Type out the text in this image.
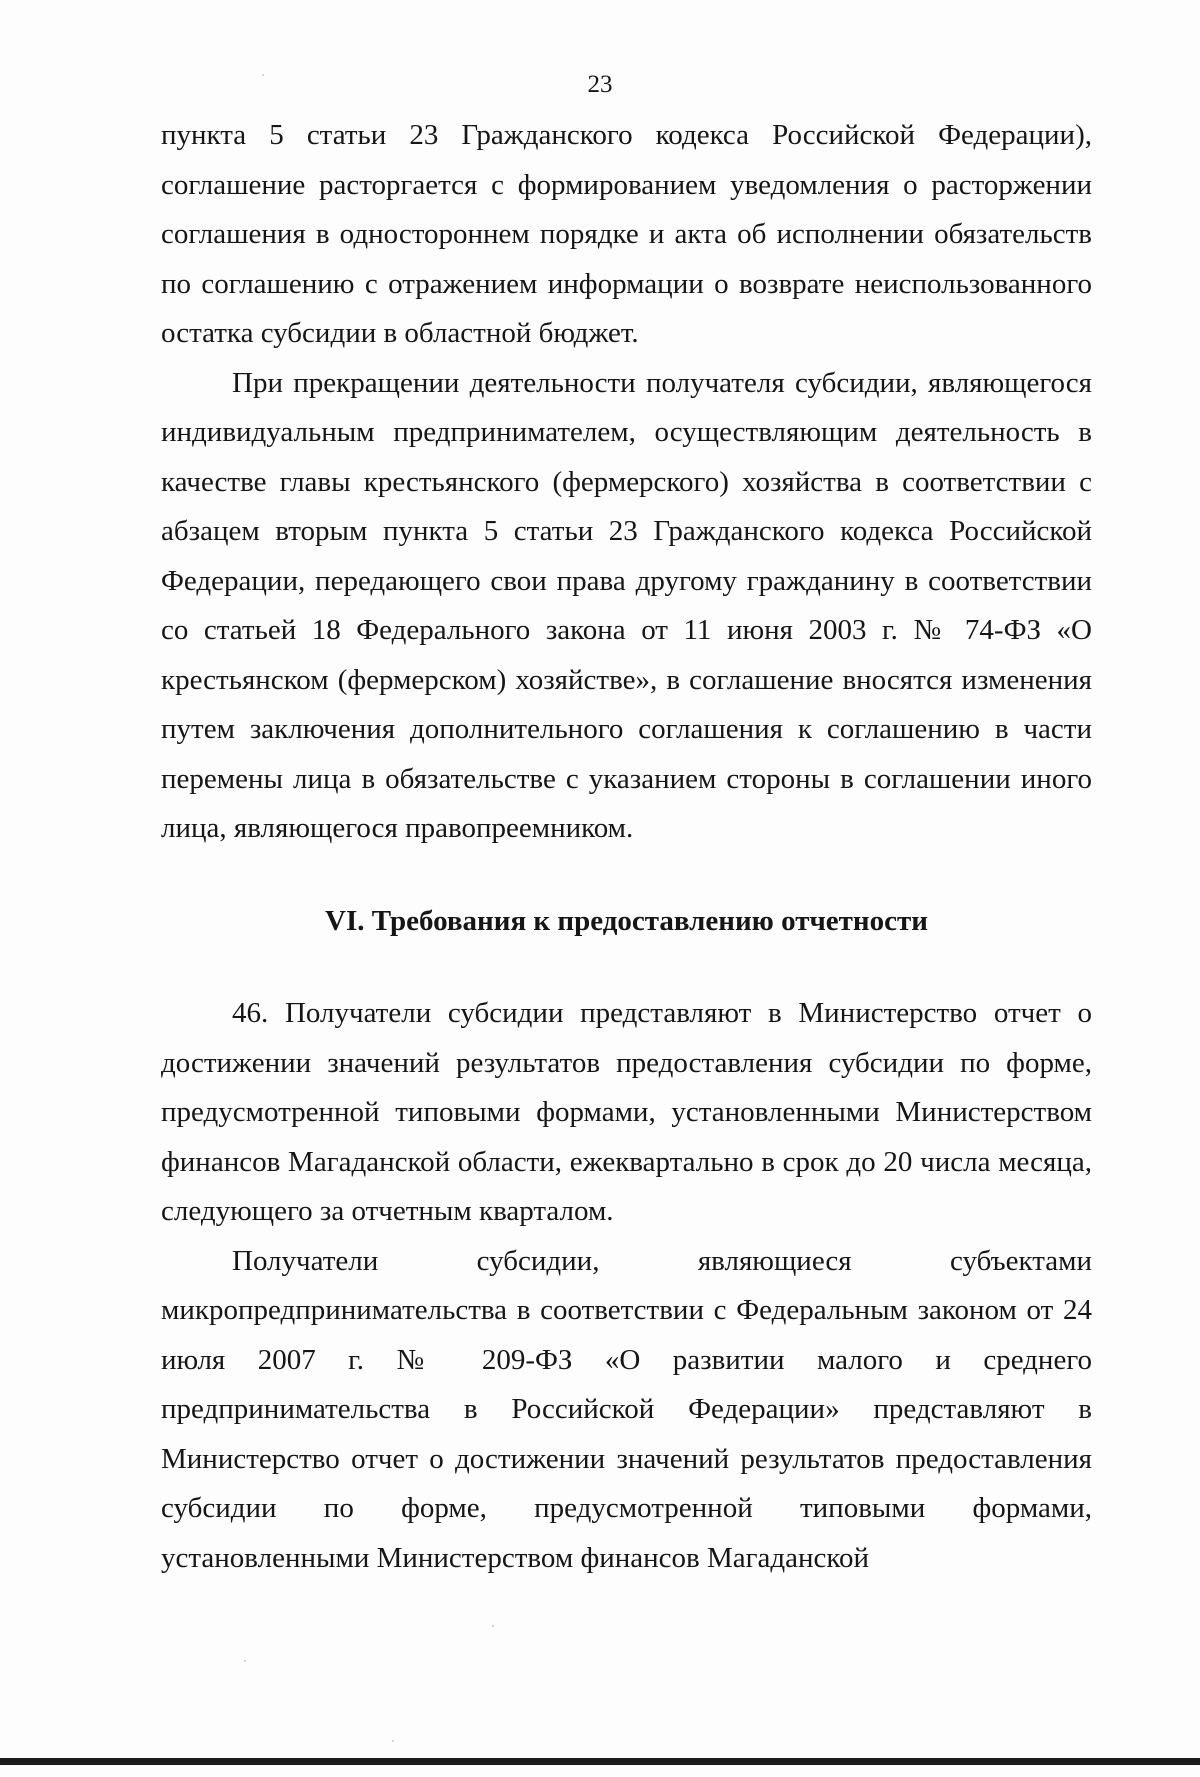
23

пункта 5 статьи 23 Гражданского кодекса Российской Федерации), соглашение расторгается с формированием уведомления о расторжении соглашения в одностороннем порядке и акта об исполнении обязательств по соглашению с отражением информации о возврате неиспользованного остатка субсидии в областной бюджет.

При прекращении деятельности получателя субсидии, являющегося индивидуальным предпринимателем, осуществляющим деятельность в качестве главы крестьянского (фермерского) хозяйства в соответствии с абзацем вторым пункта 5 статьи 23 Гражданского кодекса Российской Федерации, передающего свои права другому гражданину в соответствии со статьей 18 Федерального закона от 11 июня 2003 г. № 74-ФЗ «О крестьянском (фермерском) хозяйстве», в соглашение вносятся изменения путем заключения дополнительного соглашения к соглашению в части перемены лица в обязательстве с указанием стороны в соглашении иного лица, являющегося правопреемником.

VI. Требования к предоставлению отчетности

46. Получатели субсидии представляют в Министерство отчет о достижении значений результатов предоставления субсидии по форме, предусмотренной типовыми формами, установленными Министерством финансов Магаданской области, ежеквартально в срок до 20 числа месяца, следующего за отчетным кварталом.

Получатели субсидии, являющиеся субъектами микропредпринимательства в соответствии с Федеральным законом от 24 июля 2007 г. № 209-ФЗ «О развитии малого и среднего предпринимательства в Российской Федерации» представляют в Министерство отчет о достижении значений результатов предоставления субсидии по форме, предусмотренной типовыми формами, установленными Министерством финансов Магаданской
